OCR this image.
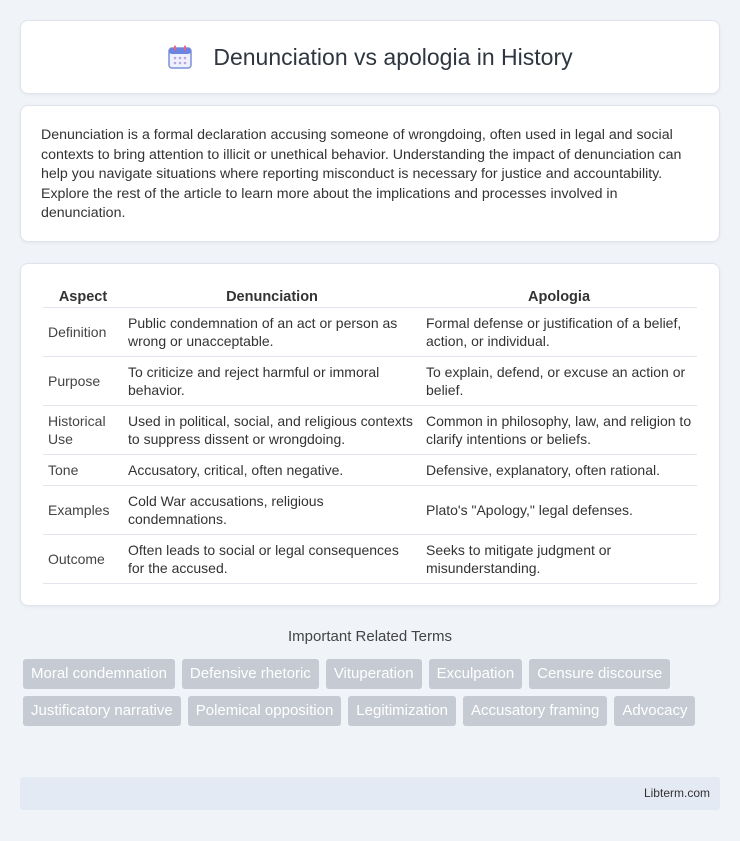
Denunciation vs apologia in History

Denunciation is a formal declaration accusing someone of wrongdoing, often used in legal and social contexts to bring attention to illicit or unethical behavior. Understanding the impact of denunciation can help you navigate situations where reporting misconduct is necessary for justice and accountability. Explore the rest of the article to learn more about the implications and processes involved in denunciation.

Aspect	Denunciation	Apologia
Definition	Public condemnation of an act or person as wrong or unacceptable.	Formal defense or justification of a belief, action, or individual.
Purpose	To criticize and reject harmful or immoral behavior.	To explain, defend, or excuse an action or belief.
Historical Use	Used in political, social, and religious contexts to suppress dissent or wrongdoing.	Common in philosophy, law, and religion to clarify intentions or beliefs.
Tone	Accusatory, critical, often negative.	Defensive, explanatory, often rational.
Examples	Cold War accusations, religious condemnations.	Plato's "Apology," legal defenses.
Outcome	Often leads to social or legal consequences for the accused.	Seeks to mitigate judgment or misunderstanding.
Important Related Terms
Moral condemnation	Defensive rhetoric	Vituperation	Exculpation	Censure discourse
Justificatory narrative	Polemical opposition	Legitimization	Accusatory framing	Advocacy
Libterm.com
